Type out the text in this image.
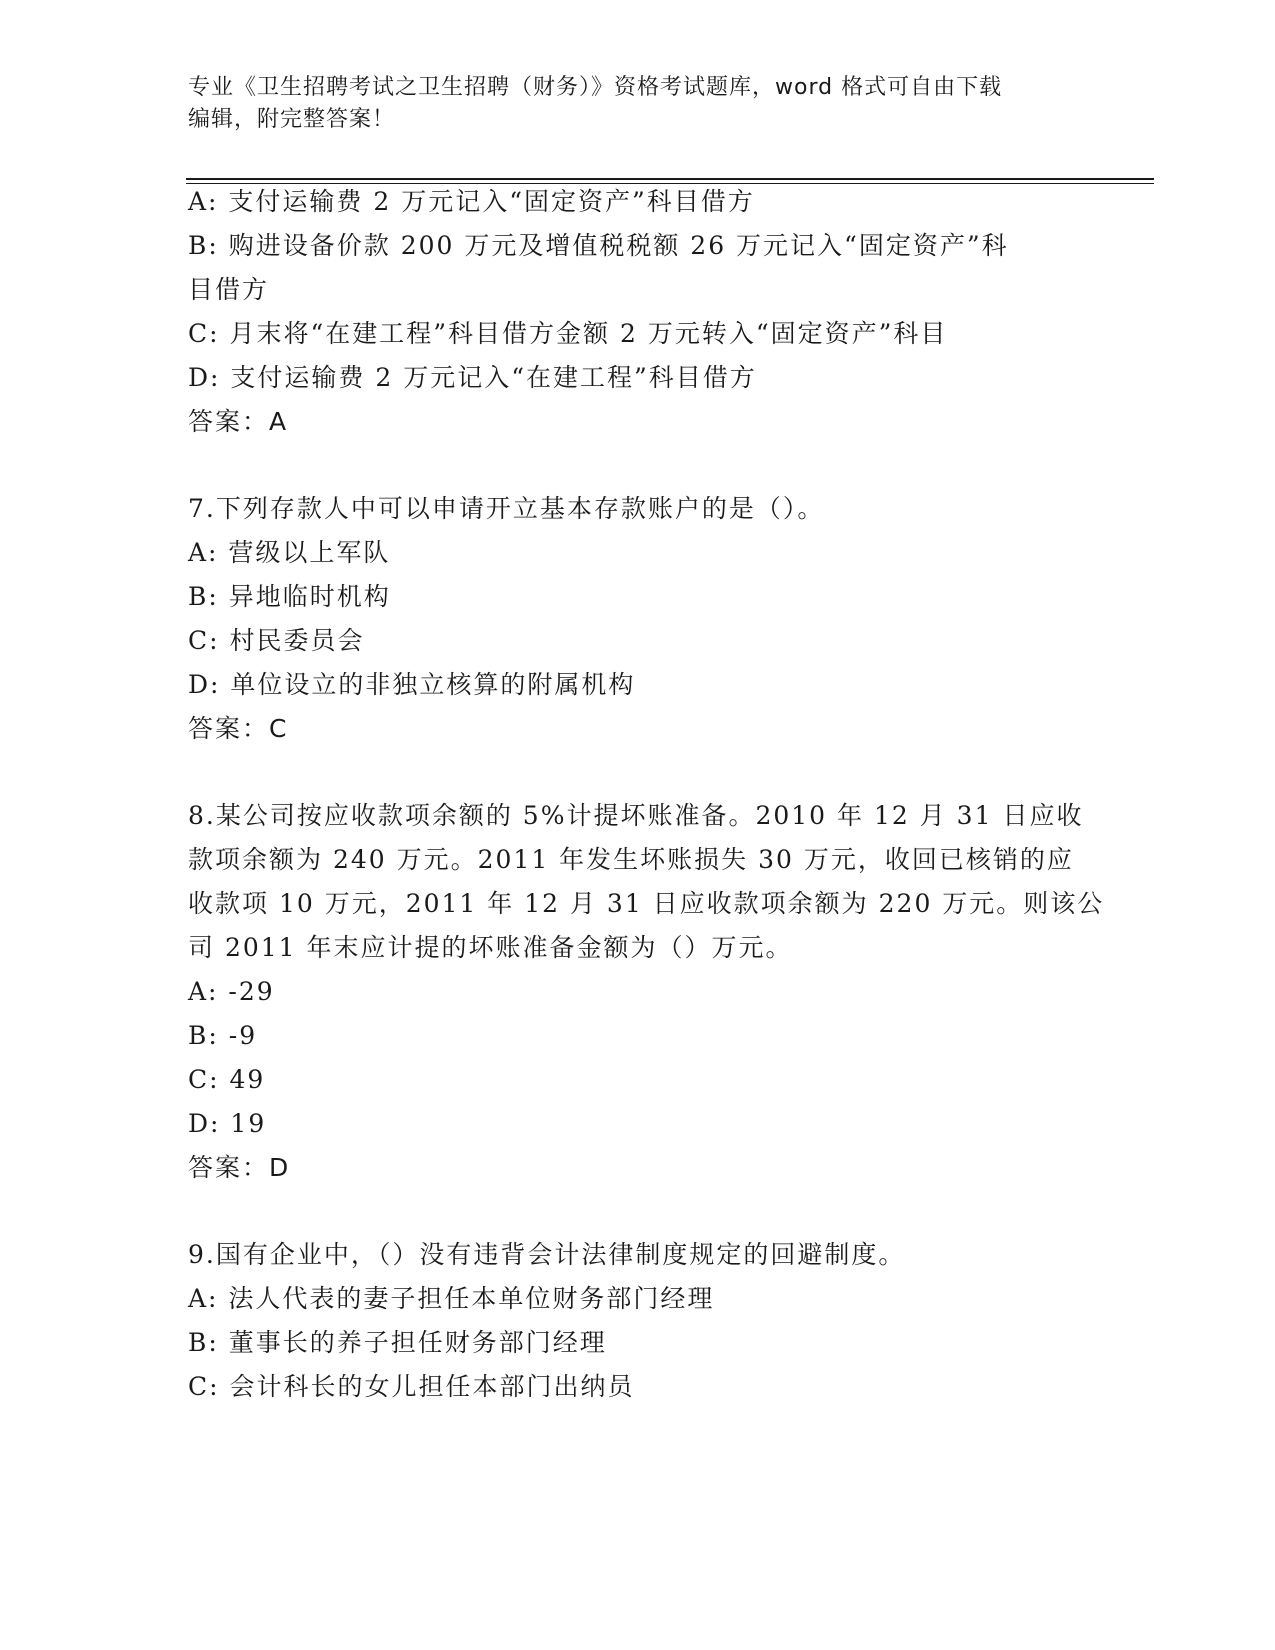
专业《卫生招聘考试之卫生招聘（财务）》资格考试题库，word 格式可自由下载
编辑，附完整答案！
A: 支付运输费 2 万元记入“固定资产”科目借方
B: 购进设备价款 200 万元及增值税税额 26 万元记入“固定资产”科
目借方
C: 月末将“在建工程”科目借方金额 2 万元转入“固定资产”科目
D: 支付运输费 2 万元记入“在建工程”科目借方
答案：A
7.下列存款人中可以申请开立基本存款账户的是（）。
A: 营级以上军队
B: 异地临时机构
C: 村民委员会
D: 单位设立的非独立核算的附属机构
答案：C
8.某公司按应收款项余额的 5%计提坏账准备。2010 年 12 月 31 日应收
款项余额为 240 万元。2011 年发生坏账损失 30 万元，收回已核销的应
收款项 10 万元，2011 年 12 月 31 日应收款项余额为 220 万元。则该公
司 2011 年末应计提的坏账准备金额为（）万元。
A: -29
B: -9
C: 49
D: 19
答案：D
9.国有企业中，（）没有违背会计法律制度规定的回避制度。
A: 法人代表的妻子担任本单位财务部门经理
B: 董事长的养子担任财务部门经理
C: 会计科长的女儿担任本部门出纳员
